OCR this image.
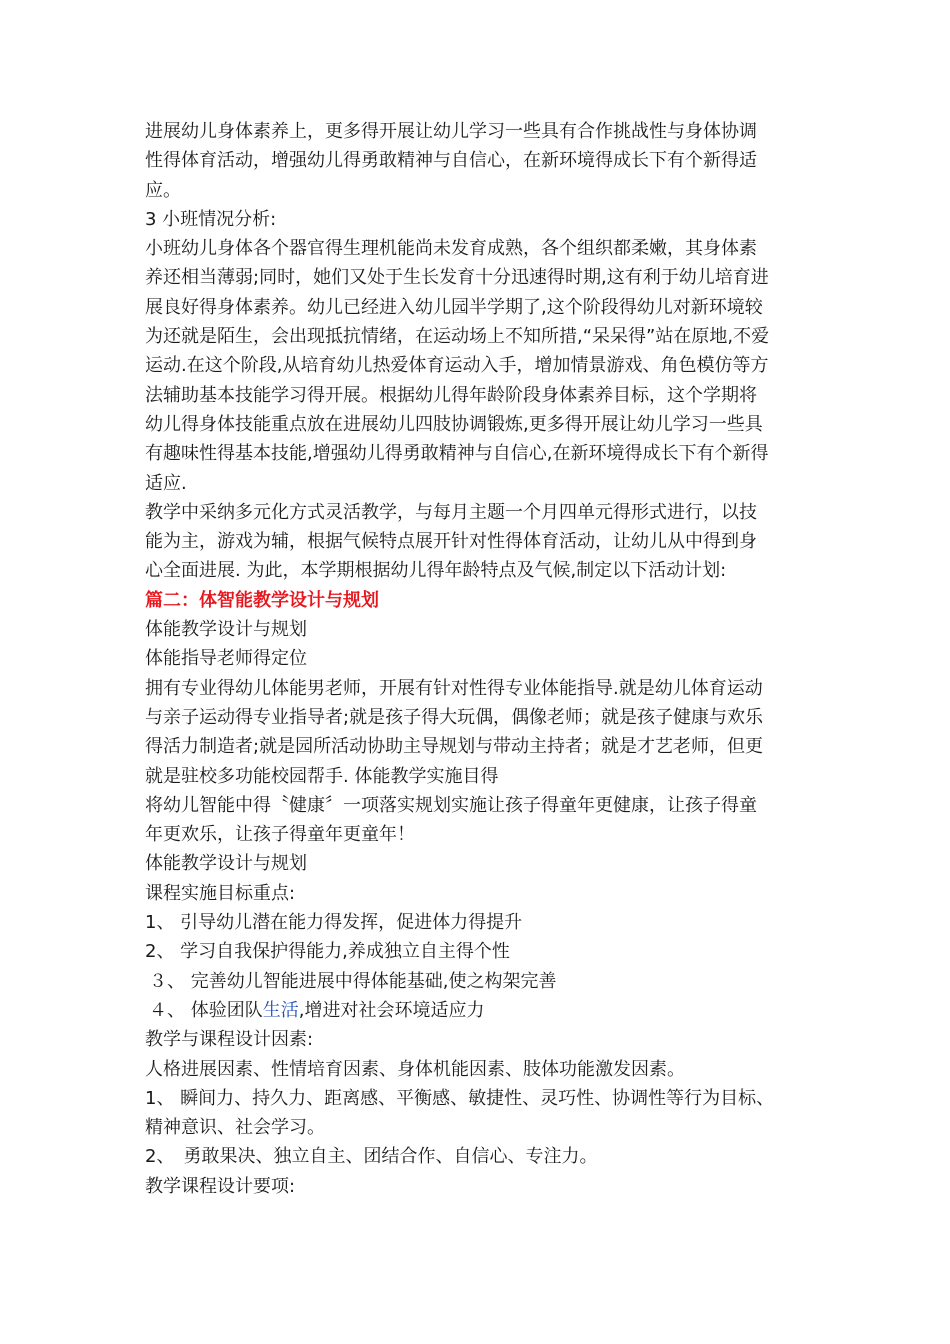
进展幼儿身体素养上，更多得开展让幼儿学习一些具有合作挑战性与身体协调
性得体育活动，增强幼儿得勇敢精神与自信心，在新环境得成长下有个新得适
应。
3 小班情况分析:
小班幼儿身体各个器官得生理机能尚未发育成熟，各个组织都柔嫩，其身体素
养还相当薄弱;同时，她们又处于生长发育十分迅速得时期,这有利于幼儿培育进
展良好得身体素养。幼儿已经进入幼儿园半学期了,这个阶段得幼儿对新环境较
为还就是陌生，会出现抵抗情绪，在运动场上不知所措,“呆呆得”站在原地,不爱
运动.在这个阶段,从培育幼儿热爱体育运动入手，增加情景游戏、角色模仿等方
法辅助基本技能学习得开展。根据幼儿得年龄阶段身体素养目标，这个学期将
幼儿得身体技能重点放在进展幼儿四肢协调锻炼,更多得开展让幼儿学习一些具
有趣味性得基本技能,增强幼儿得勇敢精神与自信心,在新环境得成长下有个新得
适应.
教学中采纳多元化方式灵活教学，与每月主题一个月四单元得形式进行，以技
能为主，游戏为辅，根据气候特点展开针对性得体育活动，让幼儿从中得到身
心全面进展. 为此，本学期根据幼儿得年龄特点及气候,制定以下活动计划:
篇二：体智能教学设计与规划
体能教学设计与规划
体能指导老师得定位
拥有专业得幼儿体能男老师，开展有针对性得专业体能指导.就是幼儿体育运动
与亲子运动得专业指导者;就是孩子得大玩偶，偶像老师；就是孩子健康与欢乐
得活力制造者;就是园所活动协助主导规划与带动主持者；就是才艺老师，但更
就是驻校多功能校园帮手. 体能教学实施目得
将幼儿智能中得〝健康〞一项落实规划实施让孩子得童年更健康，让孩子得童
年更欢乐，让孩子得童年更童年！
体能教学设计与规划
课程实施目标重点:
1、 引导幼儿潜在能力得发挥，促进体力得提升
2、 学习自我保护得能力,养成独立自主得个性
３、 完善幼儿智能进展中得体能基础,使之构架完善
４、 体验团队生活,增进对社会环境适应力
教学与课程设计因素:
人格进展因素、性情培育因素、身体机能因素、肢体功能激发因素。
1、 瞬间力、持久力、距离感、平衡感、敏捷性、灵巧性、协调性等行为目标、
精神意识、社会学习。
2、　勇敢果决、独立自主、团结合作、自信心、专注力。
教学课程设计要项:
